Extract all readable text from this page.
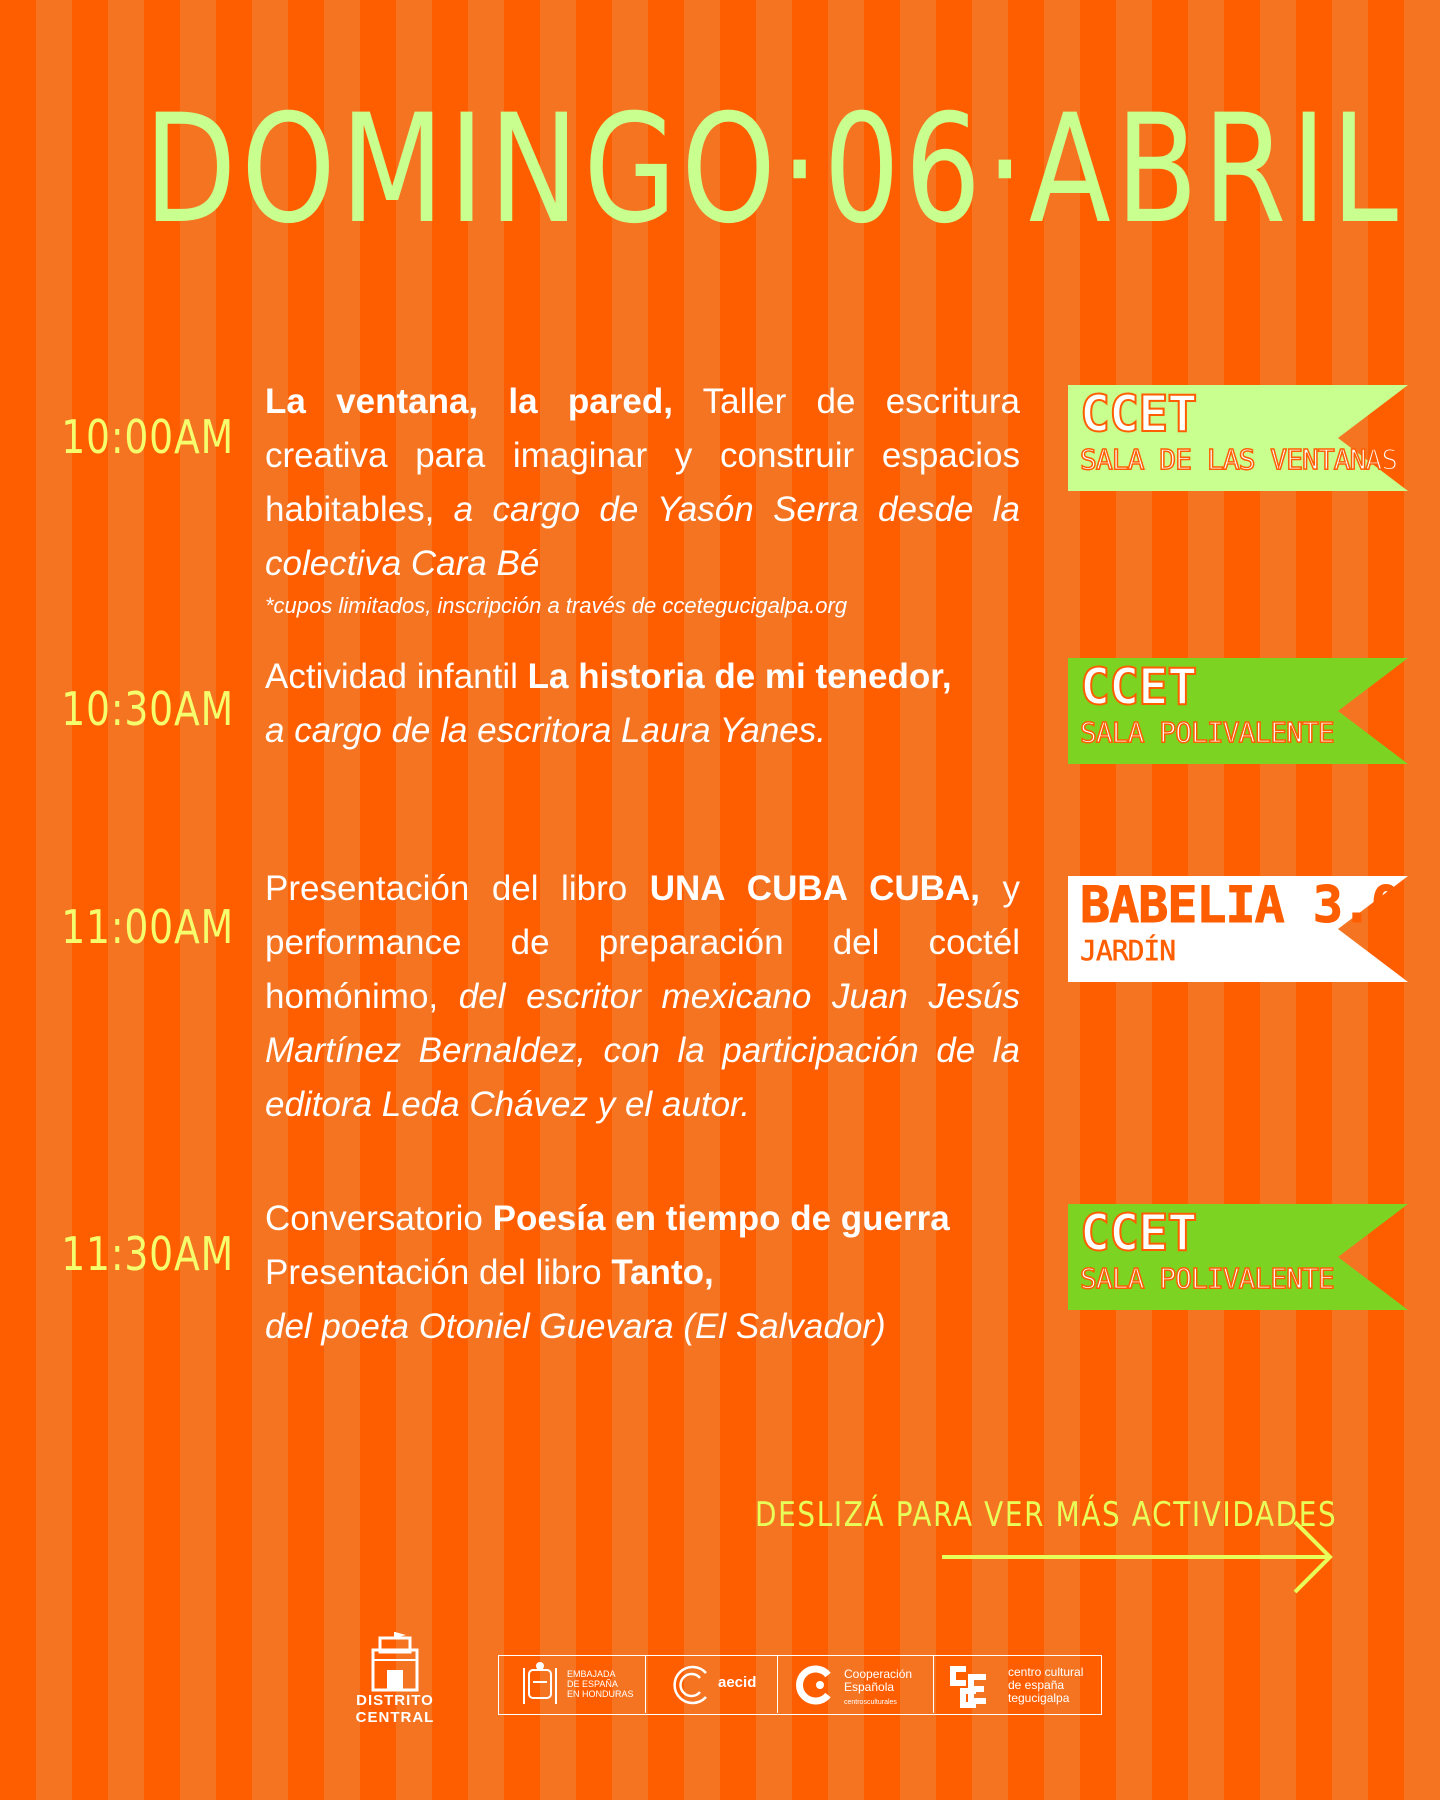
DOMINGO·06·ABRIL
10:00AM
La ventana, la pared, Taller de escritura creativa para imaginar y construir espacios habitables, a cargo de Yasón Serra desde la colectiva Cara Bé
*cupos limitados, inscripción a través de ccetegucigalpa.org
CCET
SALA DE LAS VENTANAS
10:30AM
Actividad infantil La historia de mi tenedor,
a cargo de la escritora Laura Yanes.
CCET
SALA POLIVALENTE
11:00AM
Presentación del libro UNA CUBA CUBA, y performance de preparación del coctél homónimo, del escritor mexicano Juan Jesús Martínez Bernaldez, con la participación de la editora Leda Chávez y el autor.
BABELIA 3.0
JARDÍN
11:30AM
Conversatorio Poesía en tiempo de guerra
Presentación del libro Tanto,
del poeta Otoniel Guevara (El Salvador)
CCET
SALA POLIVALENTE
DESLIZÁ PARA VER MÁS ACTIVIDADES
DISTRITO
CENTRAL
EMBAJADA
DE ESPAÑA
EN HONDURAS
aecid	Cooperación
Española
centrosculturales
centro cultural
de españa
tegucigalpa
